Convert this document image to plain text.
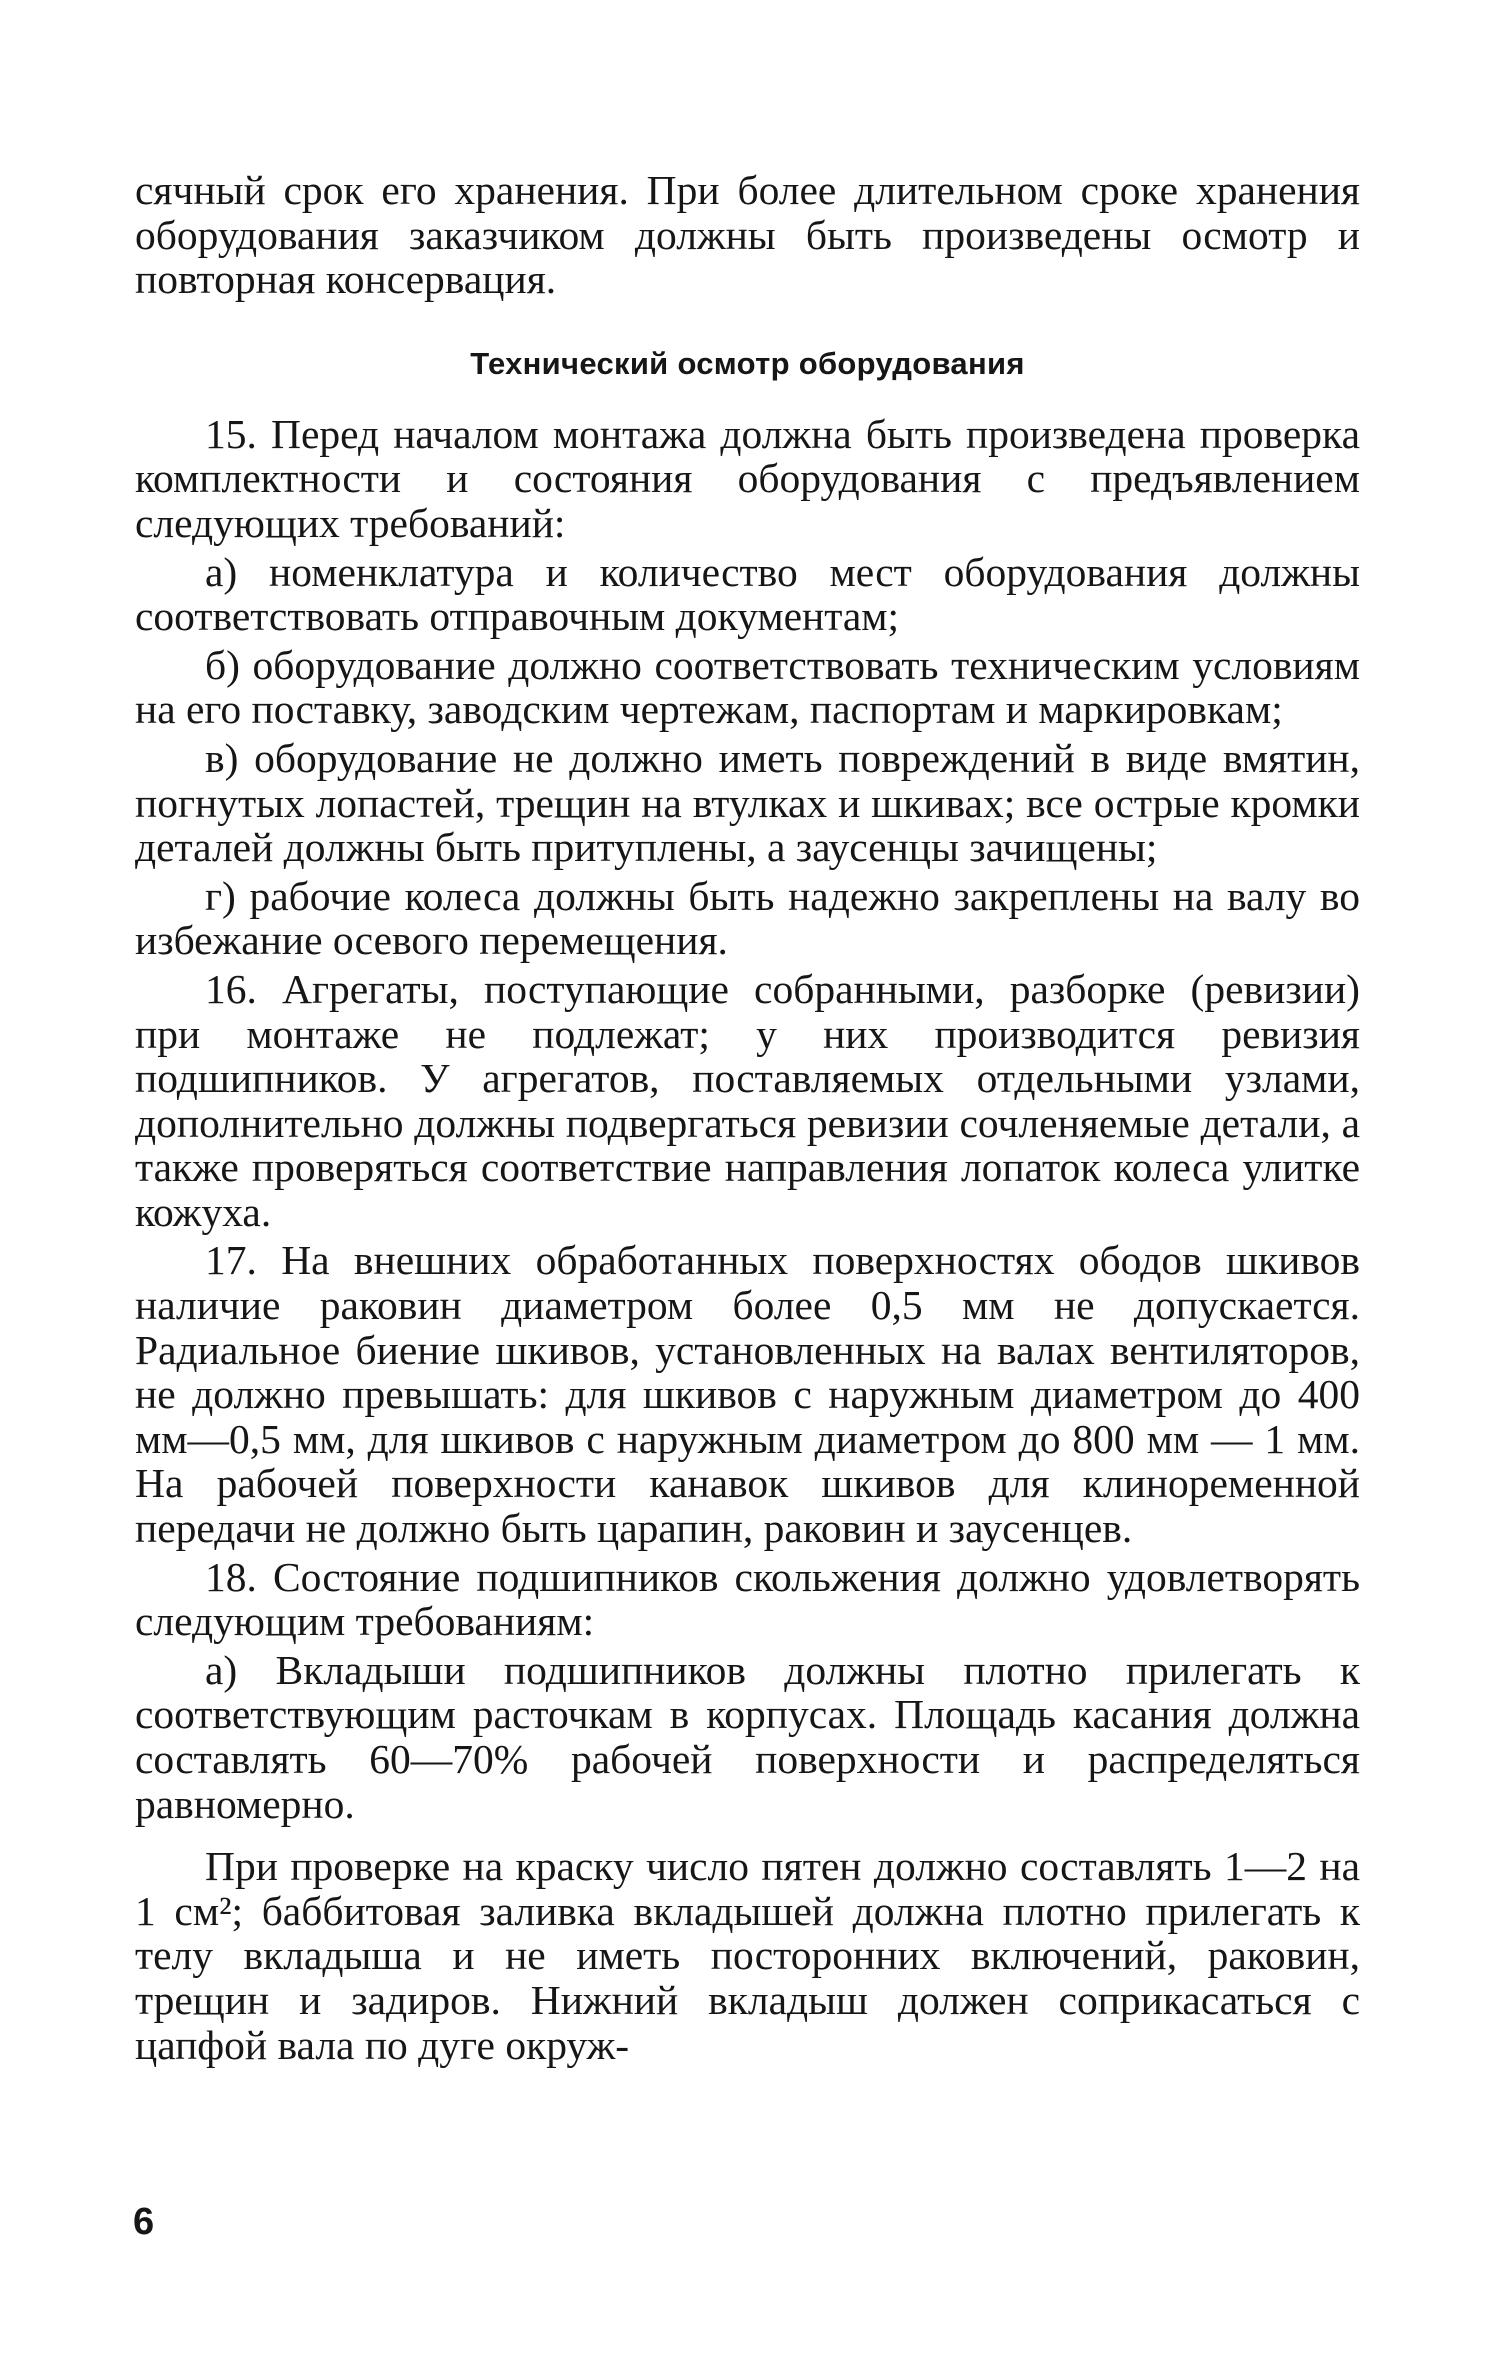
сячный срок его хранения. При более длительном сроке хранения оборудования заказчиком должны быть произведены осмотр и повторная консервация.

Технический осмотр оборудования

15. Перед началом монтажа должна быть произведена проверка комплектности и состояния оборудования с предъявлением следующих требований:

а) номенклатура и количество мест оборудования должны соответствовать отправочным документам;

б) оборудование должно соответствовать техническим условиям на его поставку, заводским чертежам, паспортам и маркировкам;

в) оборудование не должно иметь повреждений в виде вмятин, погнутых лопастей, трещин на втулках и шкивах; все острые кромки деталей должны быть притуплены, а заусенцы зачищены;

г) рабочие колеса должны быть надежно закреплены на валу во избежание осевого перемещения.

16. Агрегаты, поступающие собранными, разборке (ревизии) при монтаже не подлежат; у них производится ревизия подшипников. У агрегатов, поставляемых отдельными узлами, дополнительно должны подвергаться ревизии сочленяемые детали, а также проверяться соответствие направления лопаток колеса улитке кожуха.

17. На внешних обработанных поверхностях ободов шкивов наличие раковин диаметром более 0,5 мм не допускается. Радиальное биение шкивов, установленных на валах вентиляторов, не должно превышать: для шкивов с наружным диаметром до 400 мм—0,5 мм, для шкивов с наружным диаметром до 800 мм — 1 мм. На рабочей поверхности канавок шкивов для клиноременной передачи не должно быть царапин, раковин и заусенцев.

18. Состояние подшипников скольжения должно удовлетворять следующим требованиям:

а) Вкладыши подшипников должны плотно прилегать к соответствующим расточкам в корпусах. Площадь касания должна составлять 60—70% рабочей поверхности и распределяться равномерно.

При проверке на краску число пятен должно составлять 1—2 на 1 см²; баббитовая заливка вкладышей должна плотно прилегать к телу вкладыша и не иметь посторонних включений, раковин, трещин и задиров. Нижний вкладыш должен соприкасаться с цапфой вала по дуге окруж-

6
